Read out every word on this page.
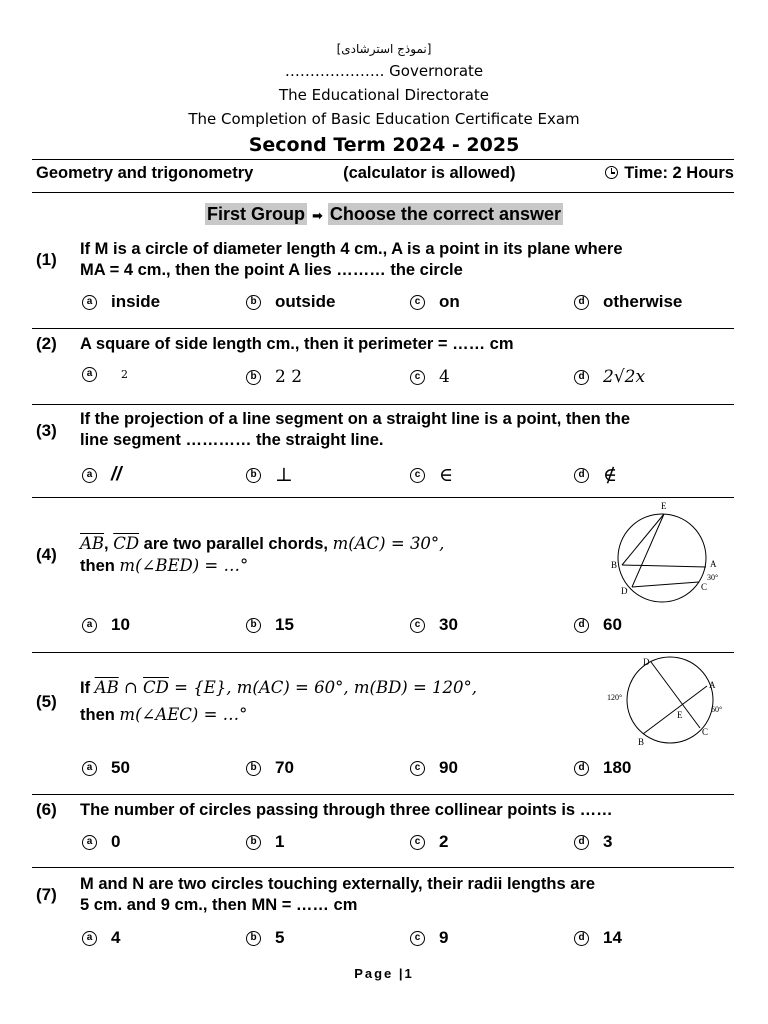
[نموذج استرشادى]
……………….. Governorate
The Educational Directorate
The Completion of Basic Education Certificate Exam
Second Term 2024 - 2025
Geometry and trigonometry	(calculator is allowed)	Time: 2 Hours
First Group ➡ Choose the correct answer
(1)
If M is a circle of diameter length 4 cm., A is a point in its plane where
MA = 4 cm., then the point A lies ……… the circle
a inside	b outside	c on	d otherwise
(2) A square of side length cm., then it perimeter = …… cm
a	2	b 2 2	c 4	d 2√2x
(3)
If the projection of a line segment on a straight line is a point, then the
line segment ………… the straight line.
a //	b ⊥	c ∈	d ∉
(4)
$\overline{AB}$, $\overline{CD}$ are two parallel chords, m(AC) = 30°,
then m(∠BED) = …°
E
B	A
D	C
30°
a 10	b 15	c 30	d 60
(5)
If $\overline{AB}$ ∩ $\overline{CD} = \{E\}$, m(AC) = 60°, m(BD) = 120°,
then m(∠AEC) = …°
D
A
E
C
B
120°
60°
a 50	b 70	c 90	d 180
(6) The number of circles passing through three collinear points is ……
a 0	b 1	c 2	d 3
(7)
M and N are two circles touching externally, their radii lengths are
5 cm. and 9 cm., then MN = …… cm
a 4	b 5	c 9	d 14
Page |1
